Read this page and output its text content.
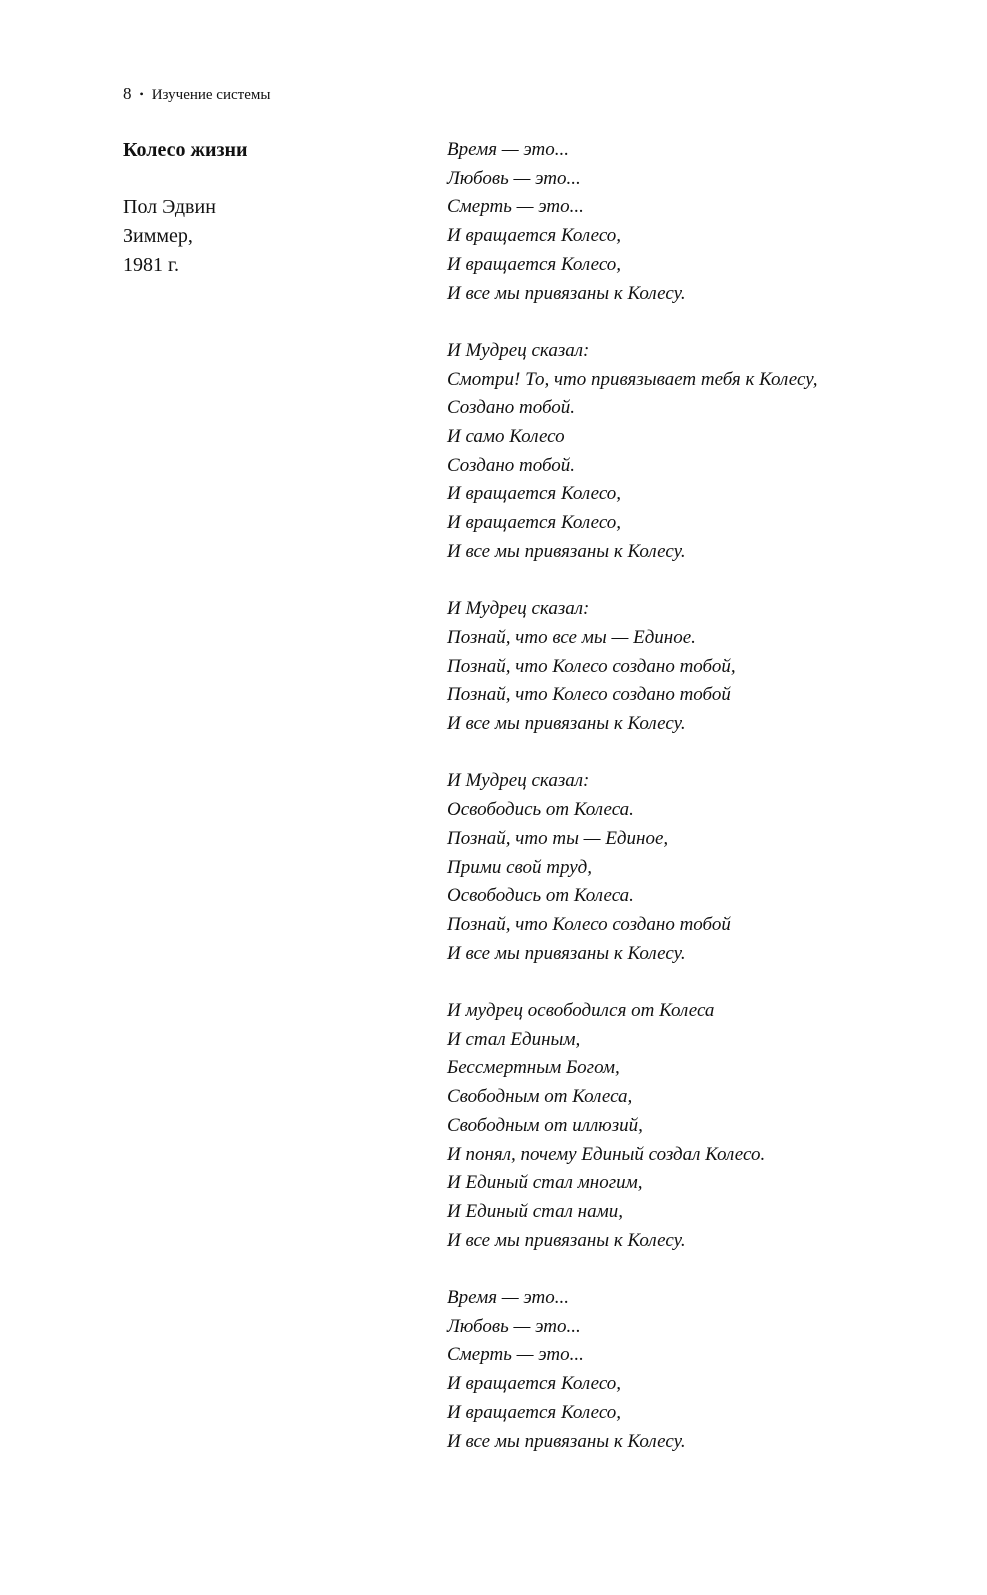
8 • Изучение системы
Колесо жизни
Пол Эдвин
Зиммер,
1981 г.
Время — это...
Любовь — это...
Смерть — это...
И вращается Колесо,
И вращается Колесо,
И все мы привязаны к Колесу.
И Мудрец сказал:
Смотри! То, что привязывает тебя к Колесу,
Создано тобой.
И само Колесо
Создано тобой.
И вращается Колесо,
И вращается Колесо,
И все мы привязаны к Колесу.
И Мудрец сказал:
Познай, что все мы — Единое.
Познай, что Колесо создано тобой,
Познай, что Колесо создано тобой
И все мы привязаны к Колесу.
И Мудрец сказал:
Освободись от Колеса.
Познай, что ты — Единое,
Прими свой труд,
Освободись от Колеса.
Познай, что Колесо создано тобой
И все мы привязаны к Колесу.
И мудрец освободился от Колеса
И стал Единым,
Бессмертным Богом,
Свободным от Колеса,
Свободным от иллюзий,
И понял, почему Единый создал Колесо.
И Единый стал многим,
И Единый стал нами,
И все мы привязаны к Колесу.
Время — это...
Любовь — это...
Смерть — это...
И вращается Колесо,
И вращается Колесо,
И все мы привязаны к Колесу.
